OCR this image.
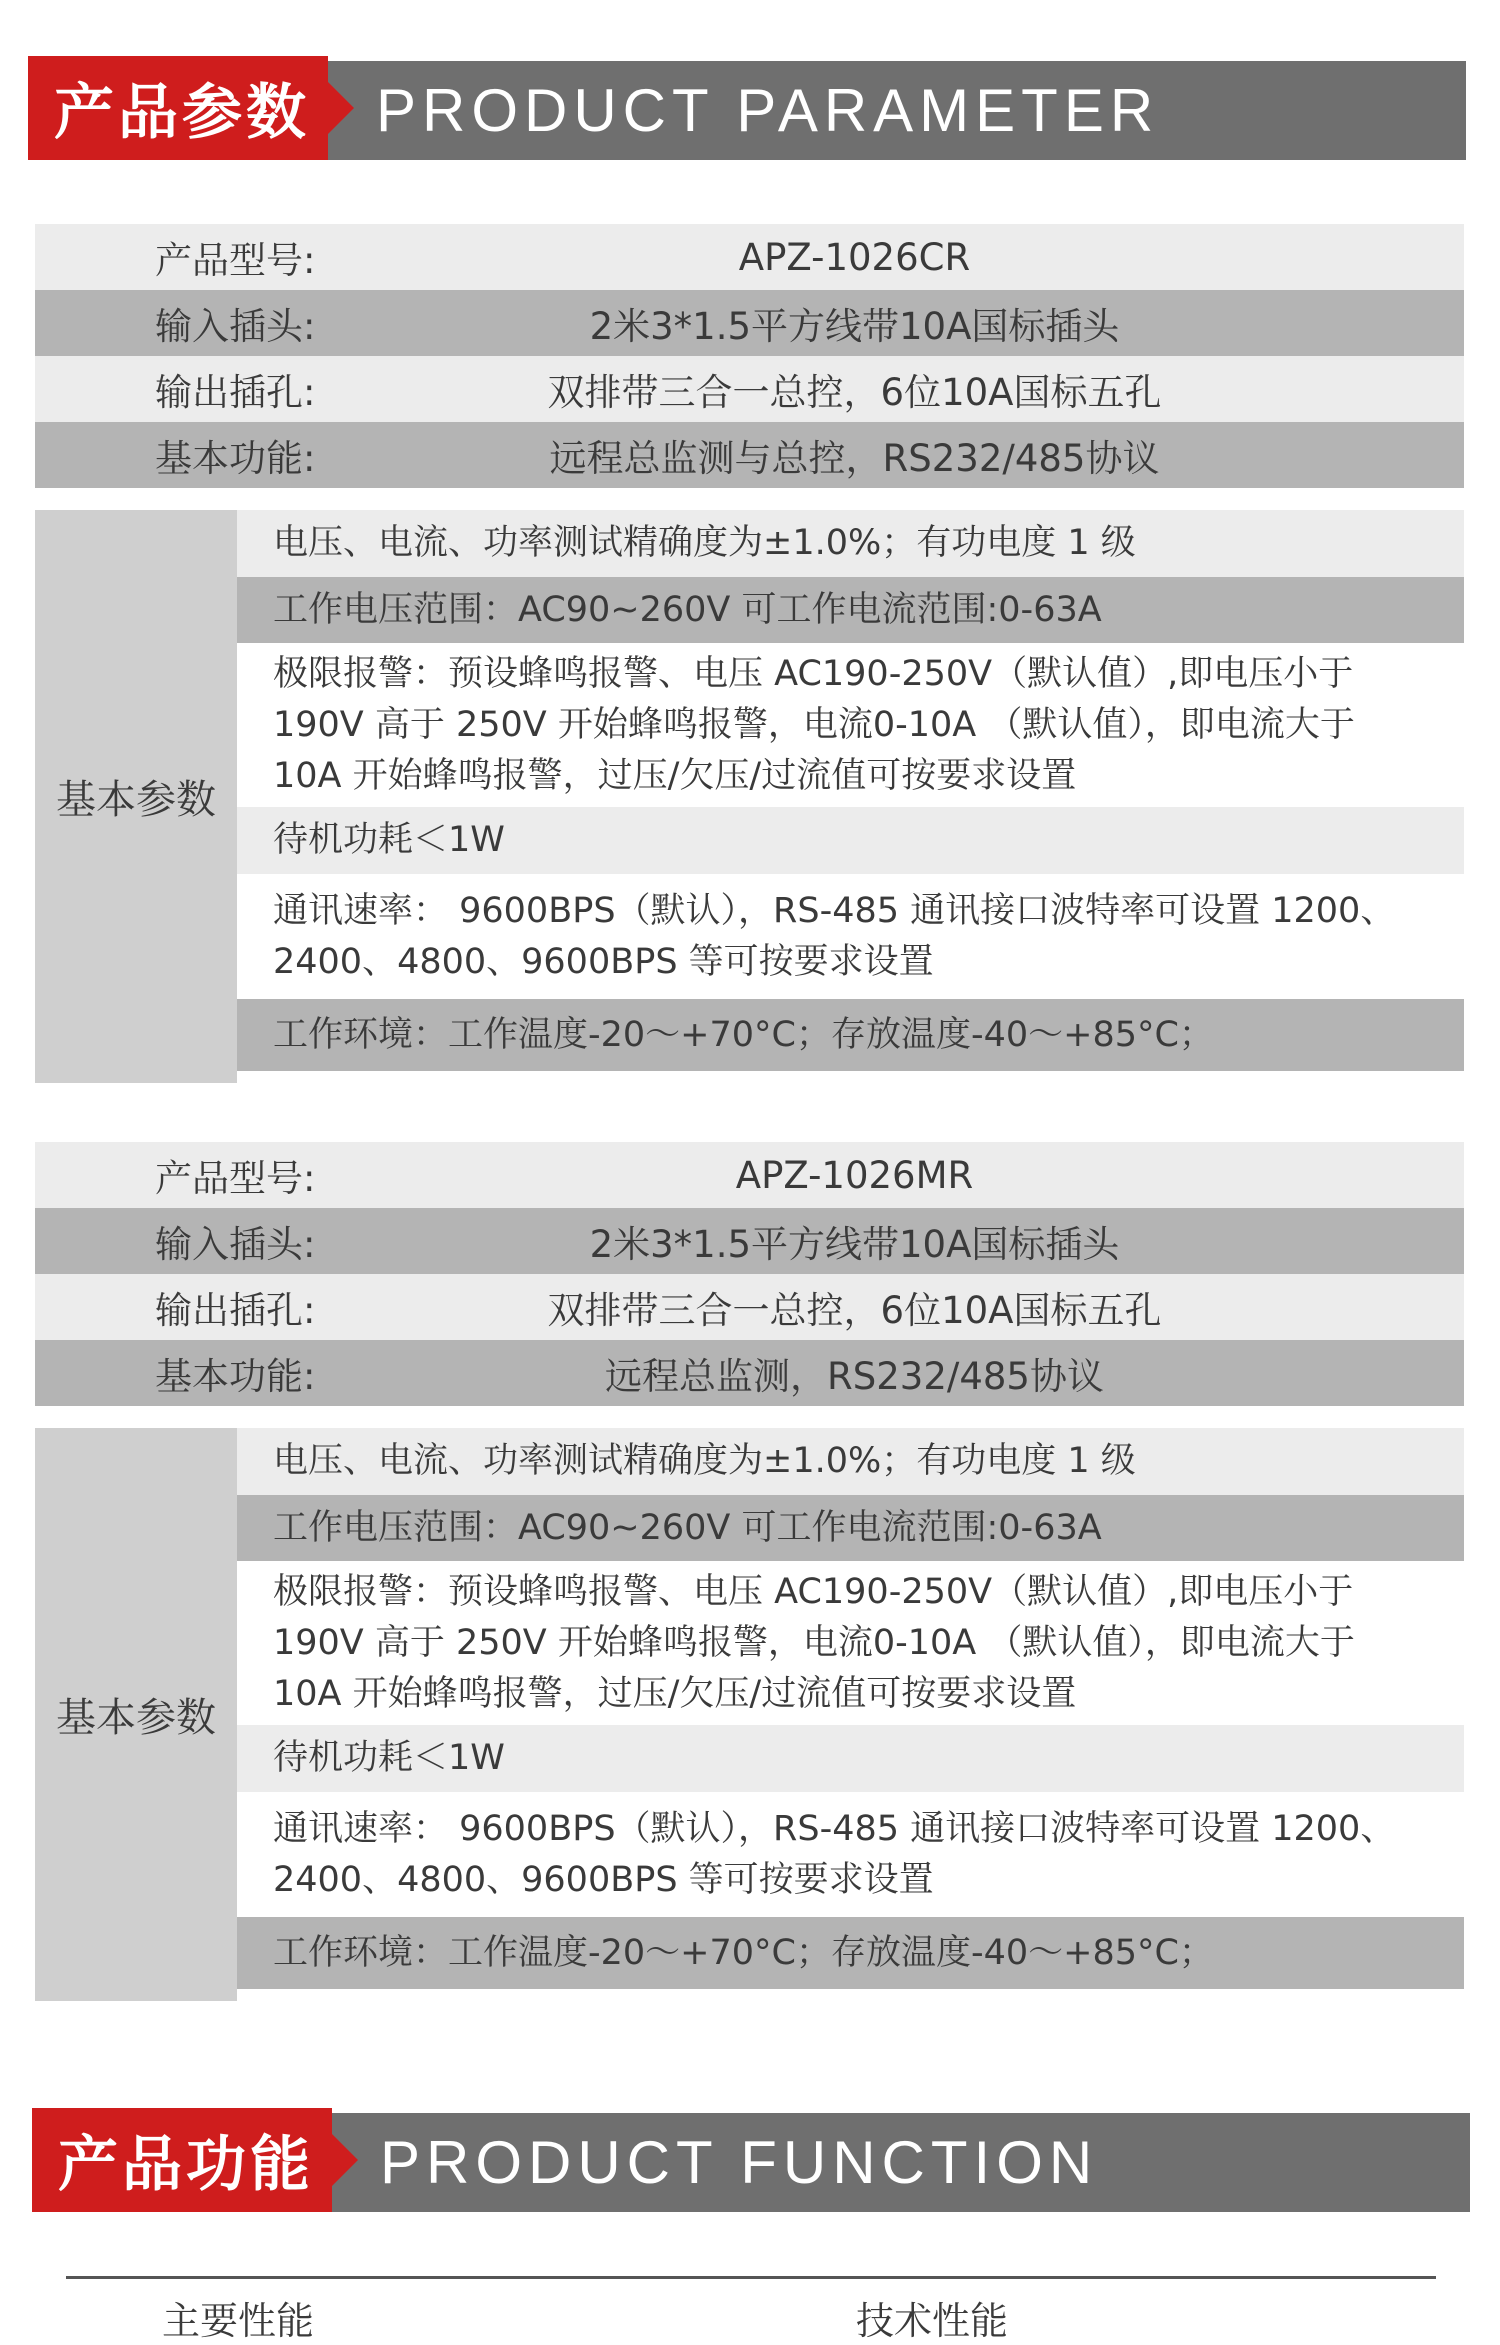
产品参数	PRODUCT PARAMETER
产品型号:	APZ-1026CR
输入插头:	2米3*1.5平方线带10A国标插头
输出插孔:	双排带三合一总控，6位10A国标五孔
基本功能:	远程总监测与总控，RS232/485协议
基本参数
电压、电流、功率测试精确度为±1.0%；有功电度 1 级
工作电压范围：AC90~260V 可工作电流范围:0-63A
极限报警：预设蜂鸣报警、电压 AC190-250V（默认值）,即电压小于
190V 高于 250V 开始蜂鸣报警，电流0-10A （默认值），即电流大于
10A 开始蜂鸣报警，过压/欠压/过流值可按要求设置
待机功耗＜1W
通讯速率： 9600BPS（默认），RS-485 通讯接口波特率可设置 1200、
2400、4800、9600BPS 等可按要求设置
工作环境：工作温度-20～+70°C；存放温度-40～+85°C；
产品型号:	APZ-1026MR
输入插头:	2米3*1.5平方线带10A国标插头
输出插孔:	双排带三合一总控，6位10A国标五孔
基本功能:	远程总监测，RS232/485协议
基本参数
电压、电流、功率测试精确度为±1.0%；有功电度 1 级
工作电压范围：AC90~260V 可工作电流范围:0-63A
极限报警：预设蜂鸣报警、电压 AC190-250V（默认值）,即电压小于
190V 高于 250V 开始蜂鸣报警，电流0-10A （默认值），即电流大于
10A 开始蜂鸣报警，过压/欠压/过流值可按要求设置
待机功耗＜1W
通讯速率： 9600BPS（默认），RS-485 通讯接口波特率可设置 1200、
2400、4800、9600BPS 等可按要求设置
工作环境：工作温度-20～+70°C；存放温度-40～+85°C；
产品功能	PRODUCT FUNCTION
主要性能	技术性能
